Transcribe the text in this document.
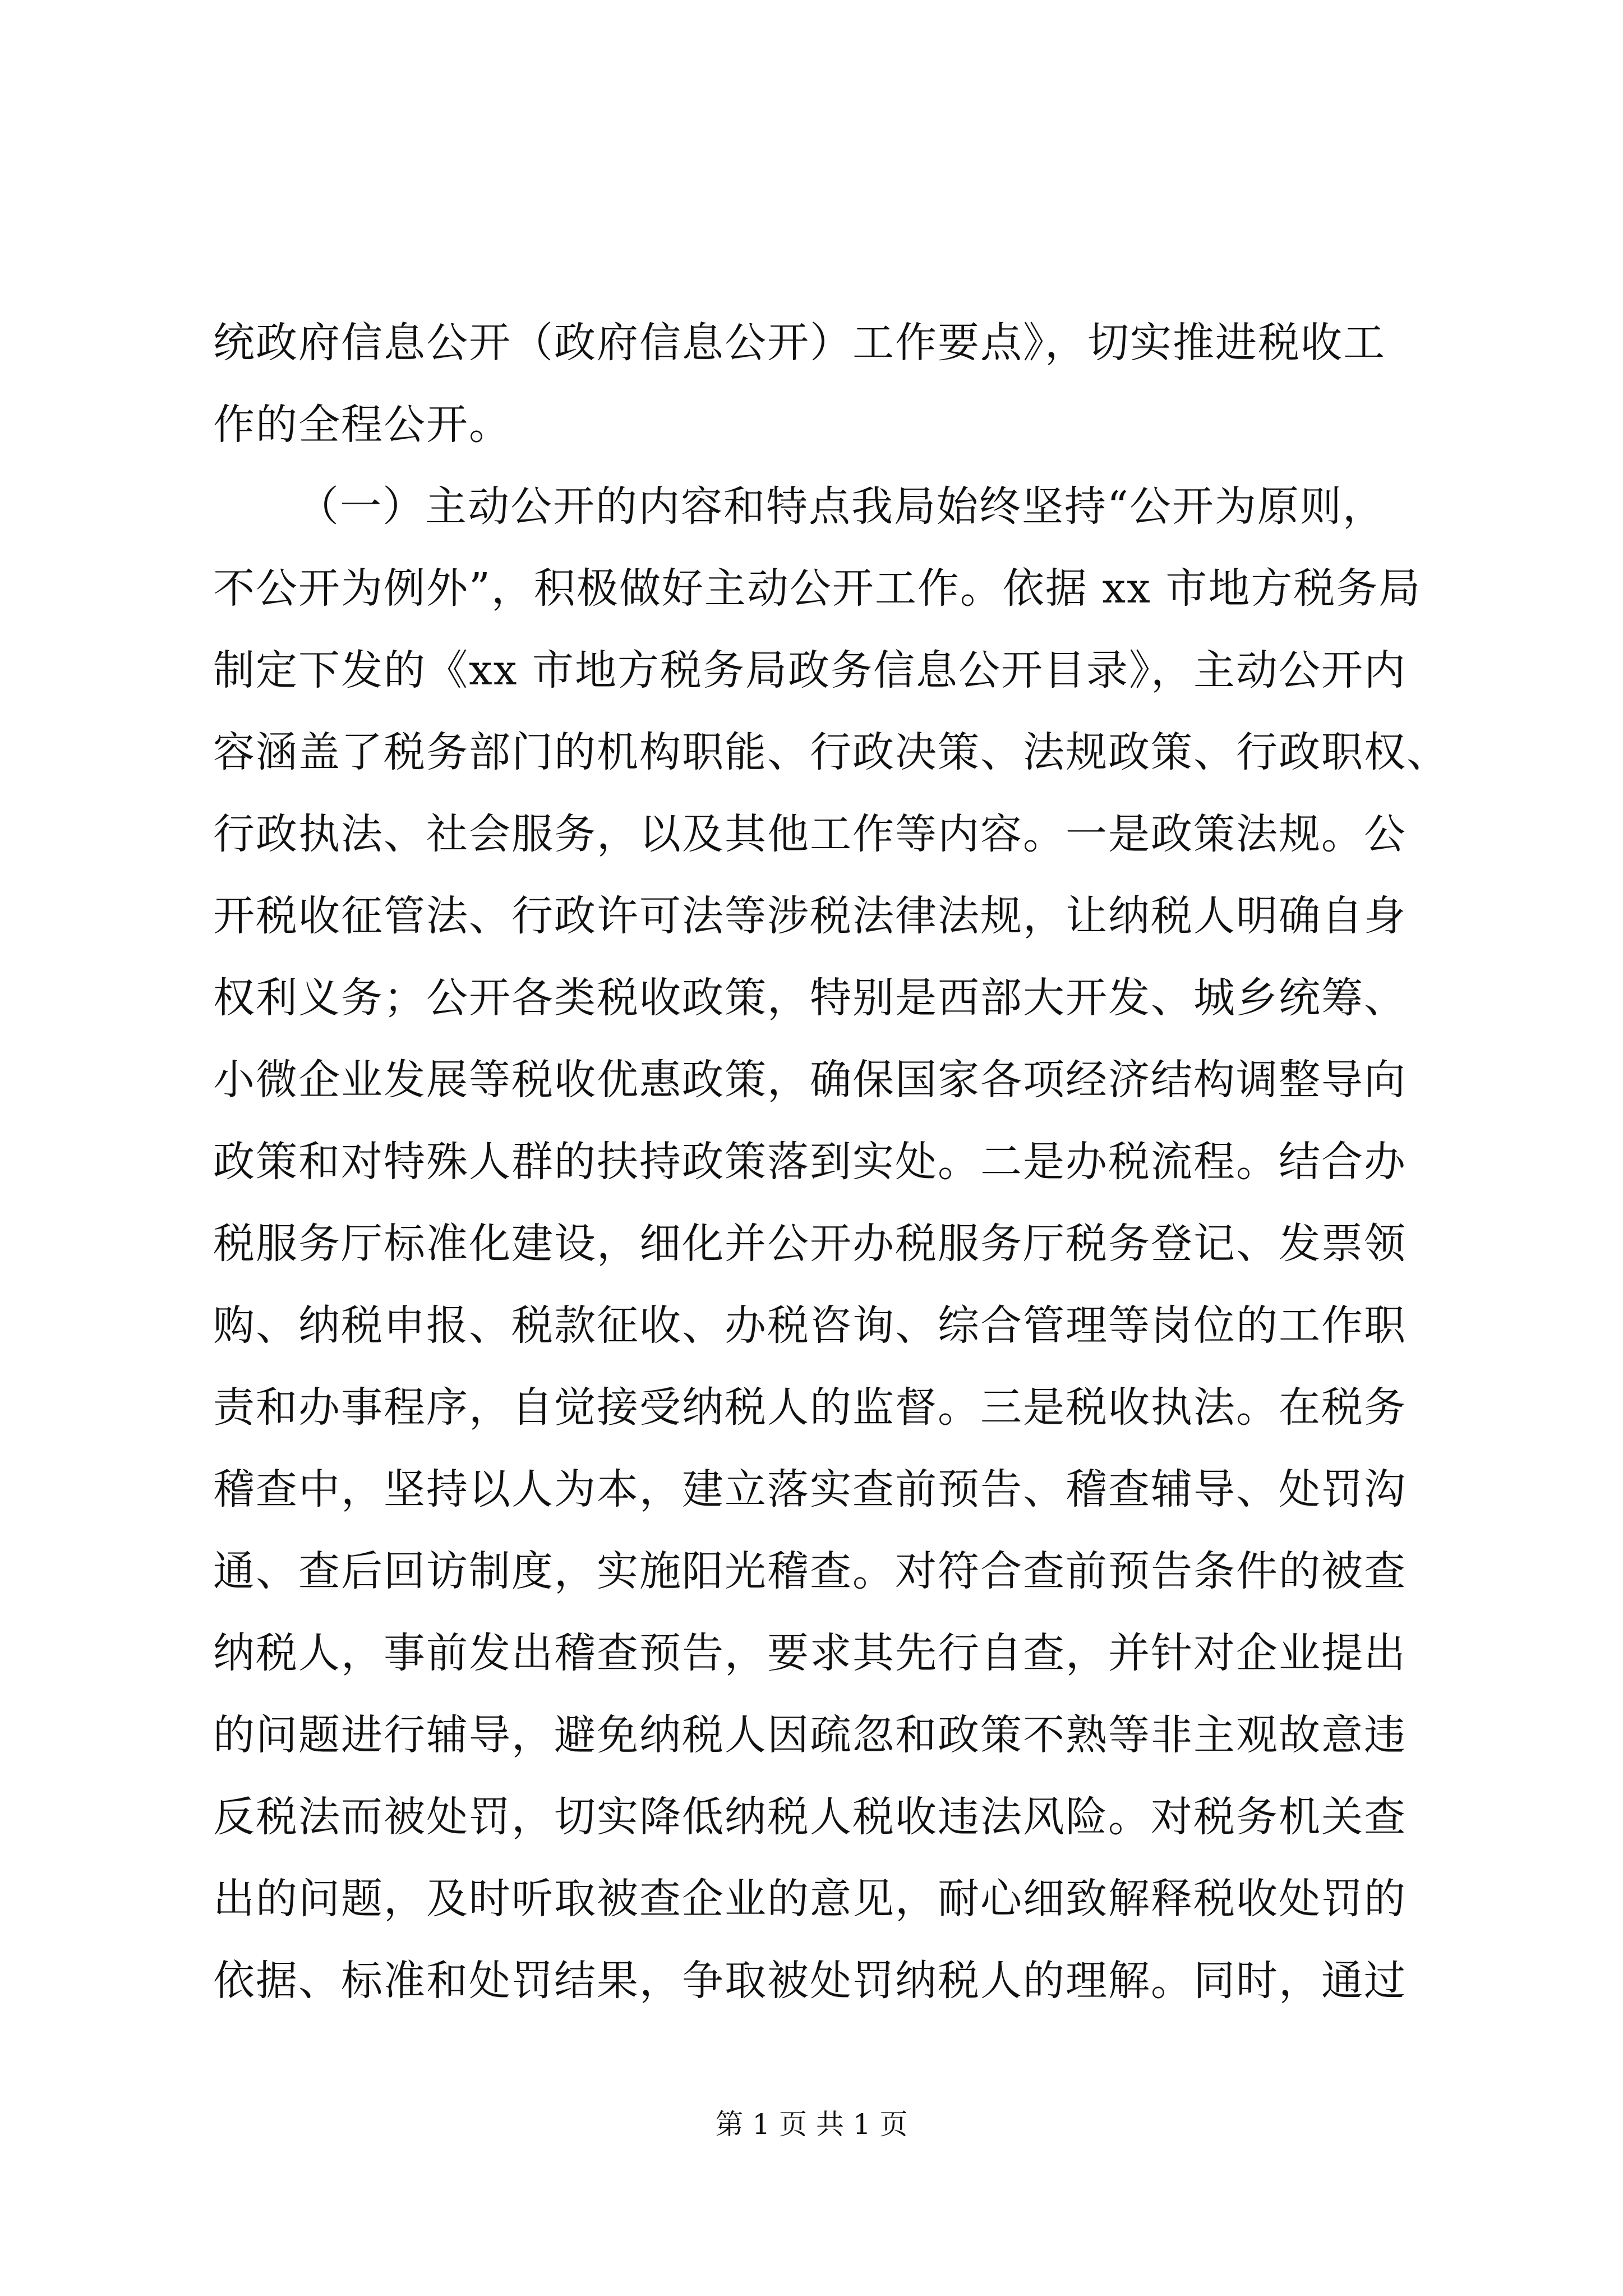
统政府信息公开（政府信息公开）工作要点》，切实推进税收工
作的全程公开。
（一）主动公开的内容和特点我局始终坚持“公开为原则，
不公开为例外”，积极做好主动公开工作。依据 xx 市地方税务局
制定下发的《xx 市地方税务局政务信息公开目录》，主动公开内
容涵盖了税务部门的机构职能、行政决策、法规政策、行政职权、
行政执法、社会服务，以及其他工作等内容。一是政策法规。公
开税收征管法、行政许可法等涉税法律法规，让纳税人明确自身
权利义务；公开各类税收政策，特别是西部大开发、城乡统筹、
小微企业发展等税收优惠政策，确保国家各项经济结构调整导向
政策和对特殊人群的扶持政策落到实处。二是办税流程。结合办
税服务厅标准化建设，细化并公开办税服务厅税务登记、发票领
购、纳税申报、税款征收、办税咨询、综合管理等岗位的工作职
责和办事程序，自觉接受纳税人的监督。三是税收执法。在税务
稽查中，坚持以人为本，建立落实查前预告、稽查辅导、处罚沟
通、查后回访制度，实施阳光稽查。对符合查前预告条件的被查
纳税人，事前发出稽查预告，要求其先行自查，并针对企业提出
的问题进行辅导，避免纳税人因疏忽和政策不熟等非主观故意违
反税法而被处罚，切实降低纳税人税收违法风险。对税务机关查
出的问题，及时听取被查企业的意见，耐心细致解释税收处罚的
依据、标准和处罚结果，争取被处罚纳税人的理解。同时，通过
第 1 页 共 1 页
